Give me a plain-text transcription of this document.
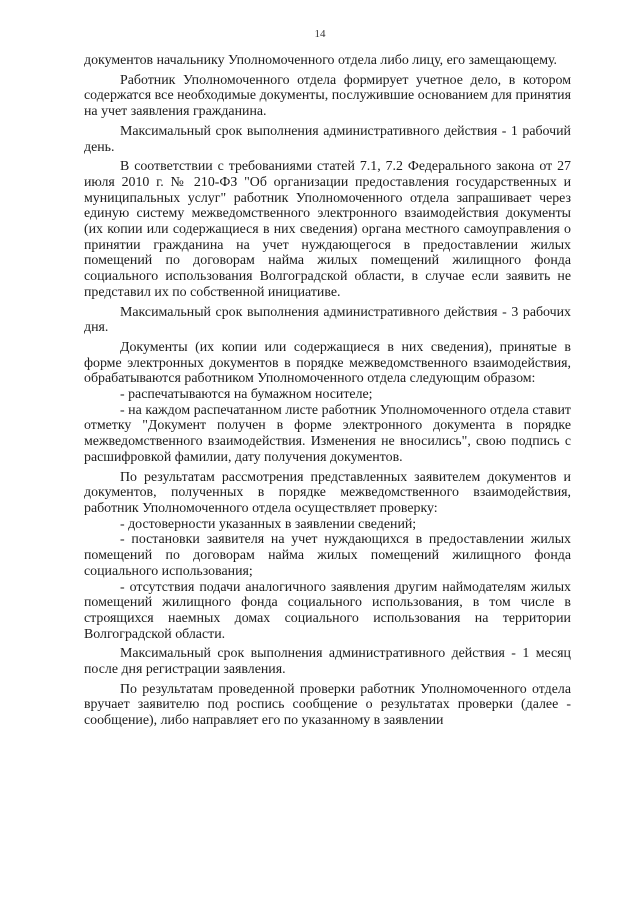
14

документов начальнику Уполномоченного отдела либо лицу, его замещающему.

Работник Уполномоченного отдела формирует учетное дело, в котором содержатся все необходимые документы, послужившие основанием для принятия на учет заявления гражданина.

Максимальный срок выполнения административного действия - 1 рабочий день.

В соответствии с требованиями статей 7.1, 7.2 Федерального закона от 27 июля 2010 г. № 210-ФЗ "Об организации предоставления государственных и муниципальных услуг" работник Уполномоченного отдела запрашивает через единую систему межведомственного электронного взаимодействия документы (их копии или содержащиеся в них сведения) органа местного самоуправления о принятии гражданина на учет нуждающегося в предоставлении жилых помещений по договорам найма жилых помещений жилищного фонда социального использования Волгоградской области, в случае если заявить не представил их по собственной инициативе.

Максимальный срок выполнения административного действия - 3 рабочих дня.

Документы (их копии или содержащиеся в них сведения), принятые в форме электронных документов в порядке межведомственного взаимодействия, обрабатываются работником Уполномоченного отдела следующим образом:

- распечатываются на бумажном носителе;

- на каждом распечатанном листе работник Уполномоченного отдела ставит отметку "Документ получен в форме электронного документа в порядке межведомственного взаимодействия. Изменения не вносились", свою подпись с расшифровкой фамилии, дату получения документов.

По результатам рассмотрения представленных заявителем документов и документов, полученных в порядке межведомственного взаимодействия, работник Уполномоченного отдела осуществляет проверку:

- достоверности указанных в заявлении сведений;

- постановки заявителя на учет нуждающихся в предоставлении жилых помещений по договорам найма жилых помещений жилищного фонда социального использования;

- отсутствия подачи аналогичного заявления другим наймодателям жилых помещений жилищного фонда социального использования, в том числе в строящихся наемных домах социального использования на территории Волгоградской области.

Максимальный срок выполнения административного действия - 1 месяц после дня регистрации заявления.

По результатам проведенной проверки работник Уполномоченного отдела вручает заявителю под роспись сообщение о результатах проверки (далее - сообщение), либо направляет его по указанному в заявлении
